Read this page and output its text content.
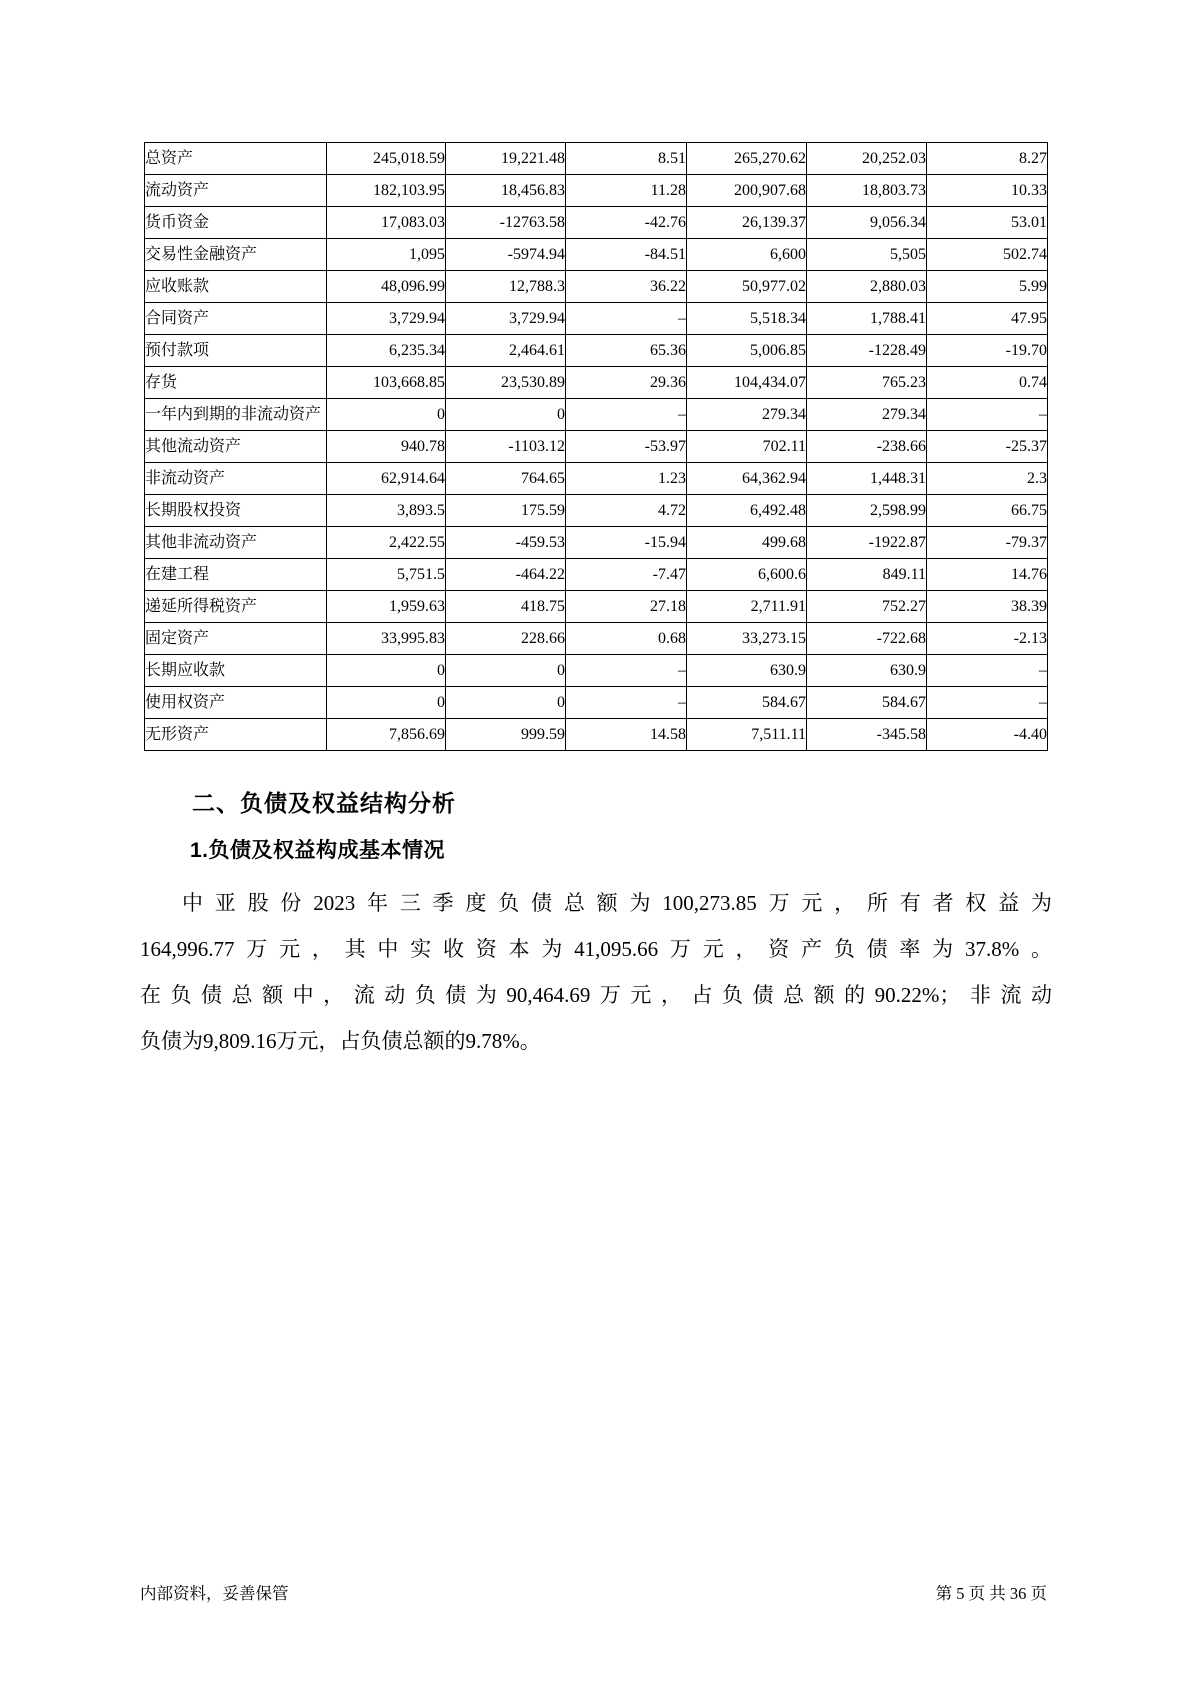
总资产	245,018.59	19,221.48	8.51	265,270.62	20,252.03	8.27
流动资产	182,103.95	18,456.83	11.28	200,907.68	18,803.73	10.33
货币资金	17,083.03	-12763.58	-42.76	26,139.37	9,056.34	53.01
交易性金融资产	1,095	-5974.94	-84.51	6,600	5,505	502.74
应收账款	48,096.99	12,788.3	36.22	50,977.02	2,880.03	5.99
合同资产	3,729.94	3,729.94	–	5,518.34	1,788.41	47.95
预付款项	6,235.34	2,464.61	65.36	5,006.85	-1228.49	-19.70
存货	103,668.85	23,530.89	29.36	104,434.07	765.23	0.74
一年内到期的非流动资产	0	0	–	279.34	279.34	–
其他流动资产	940.78	-1103.12	-53.97	702.11	-238.66	-25.37
非流动资产	62,914.64	764.65	1.23	64,362.94	1,448.31	2.3
长期股权投资	3,893.5	175.59	4.72	6,492.48	2,598.99	66.75
其他非流动资产	2,422.55	-459.53	-15.94	499.68	-1922.87	-79.37
在建工程	5,751.5	-464.22	-7.47	6,600.6	849.11	14.76
递延所得税资产	1,959.63	418.75	27.18	2,711.91	752.27	38.39
固定资产	33,995.83	228.66	0.68	33,273.15	-722.68	-2.13
长期应收款	0	0	–	630.9	630.9	–
使用权资产	0	0	–	584.67	584.67	–
无形资产	7,856.69	999.59	14.58	7,511.11	-345.58	-4.40
二、负债及权益结构分析
1.负债及权益构成基本情况
中亚股份2023年三季度负债总额为100,273.85万元，所有者权益为
164,996.77万元，其中实收资本为41,095.66万元，资产负债率为37.8%。
在负债总额中，流动负债为90,464.69万元，占负债总额的90.22%；非流动
负债为9,809.16万元，占负债总额的9.78%。
内部资料，妥善保管	第 5 页 共 36 页
